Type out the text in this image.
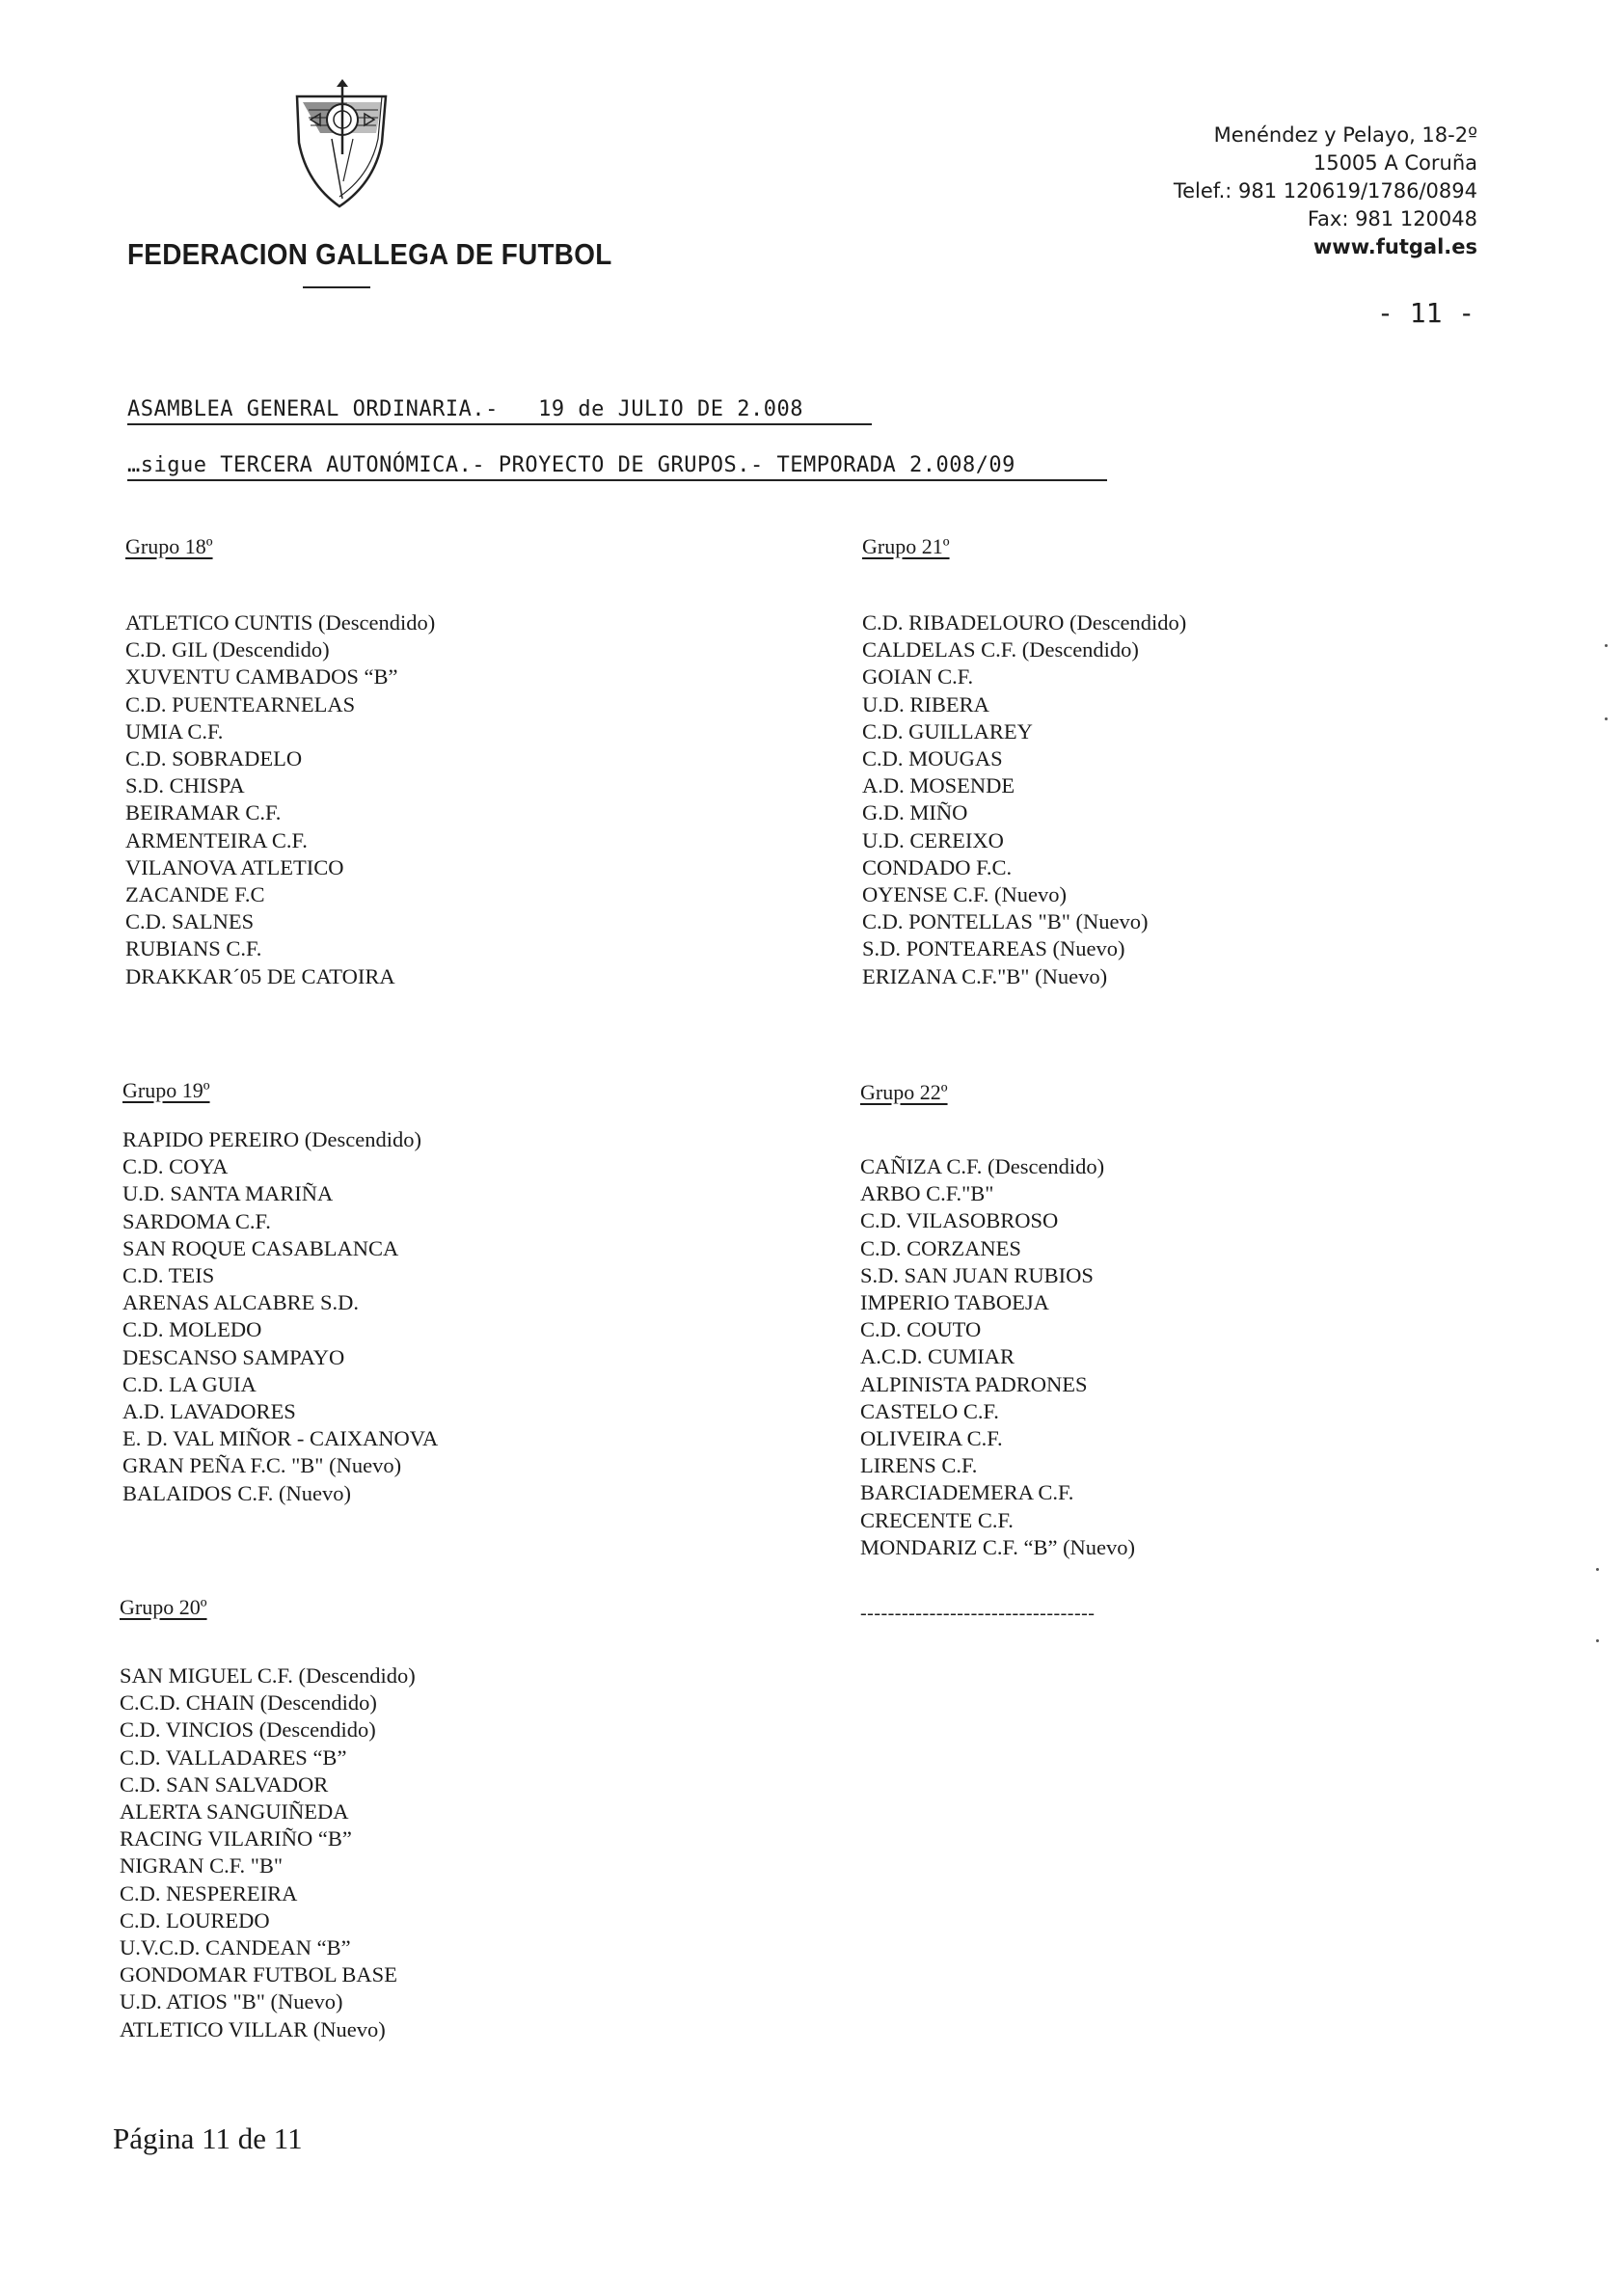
FEDERACION GALLEGA DE FUTBOL
Menéndez y Pelayo, 18-2º
15005 A Coruña
Telef.: 981 120619/1786/0894
Fax: 981 120048
www.futgal.es
- 11 -
ASAMBLEA GENERAL ORDINARIA.-   19 de JULIO DE 2.008
…sigue TERCERA AUTONÓMICA.- PROYECTO DE GRUPOS.- TEMPORADA 2.008/09
Grupo 18º
ATLETICO CUNTIS (Descendido)
C.D. GIL (Descendido)
XUVENTU CAMBADOS “B”
C.D. PUENTEARNELAS
UMIA C.F.
C.D. SOBRADELO
S.D. CHISPA
BEIRAMAR C.F.
ARMENTEIRA C.F.
VILANOVA ATLETICO
ZACANDE F.C
C.D. SALNES
RUBIANS C.F.
DRAKKAR´05 DE CATOIRA
Grupo 21º
C.D. RIBADELOURO (Descendido)
CALDELAS C.F. (Descendido)
GOIAN C.F.
U.D. RIBERA
C.D. GUILLAREY
C.D. MOUGAS
A.D. MOSENDE
G.D. MIÑO
U.D. CEREIXO
CONDADO F.C.
OYENSE C.F. (Nuevo)
C.D. PONTELLAS "B" (Nuevo)
S.D. PONTEAREAS (Nuevo)
ERIZANA C.F."B" (Nuevo)
Grupo 19º
RAPIDO PEREIRO (Descendido)
C.D. COYA
U.D. SANTA MARIÑA
SARDOMA C.F.
SAN ROQUE CASABLANCA
C.D. TEIS
ARENAS ALCABRE S.D.
C.D. MOLEDO
DESCANSO SAMPAYO
C.D. LA GUIA
A.D. LAVADORES
E. D. VAL MIÑOR - CAIXANOVA
GRAN PEÑA F.C. "B" (Nuevo)
BALAIDOS C.F. (Nuevo)
Grupo 22º
CAÑIZA C.F. (Descendido)
ARBO C.F."B"
C.D. VILASOBROSO
C.D. CORZANES
S.D. SAN JUAN RUBIOS
IMPERIO TABOEJA
C.D. COUTO
A.C.D. CUMIAR
ALPINISTA PADRONES
CASTELO C.F.
OLIVEIRA C.F.
LIRENS C.F.
BARCIADEMERA C.F.
CRECENTE C.F.
MONDARIZ C.F. “B” (Nuevo)
----------------------------------
Grupo 20º
SAN MIGUEL C.F. (Descendido)
C.C.D. CHAIN (Descendido)
C.D. VINCIOS (Descendido)
C.D. VALLADARES “B”
C.D. SAN SALVADOR
ALERTA SANGUIÑEDA
RACING VILARIÑO “B”
NIGRAN C.F. "B"
C.D. NESPEREIRA
C.D. LOUREDO
U.V.C.D. CANDEAN “B”
GONDOMAR FUTBOL BASE
U.D. ATIOS "B" (Nuevo)
ATLETICO VILLAR (Nuevo)
Página 11 de 11
